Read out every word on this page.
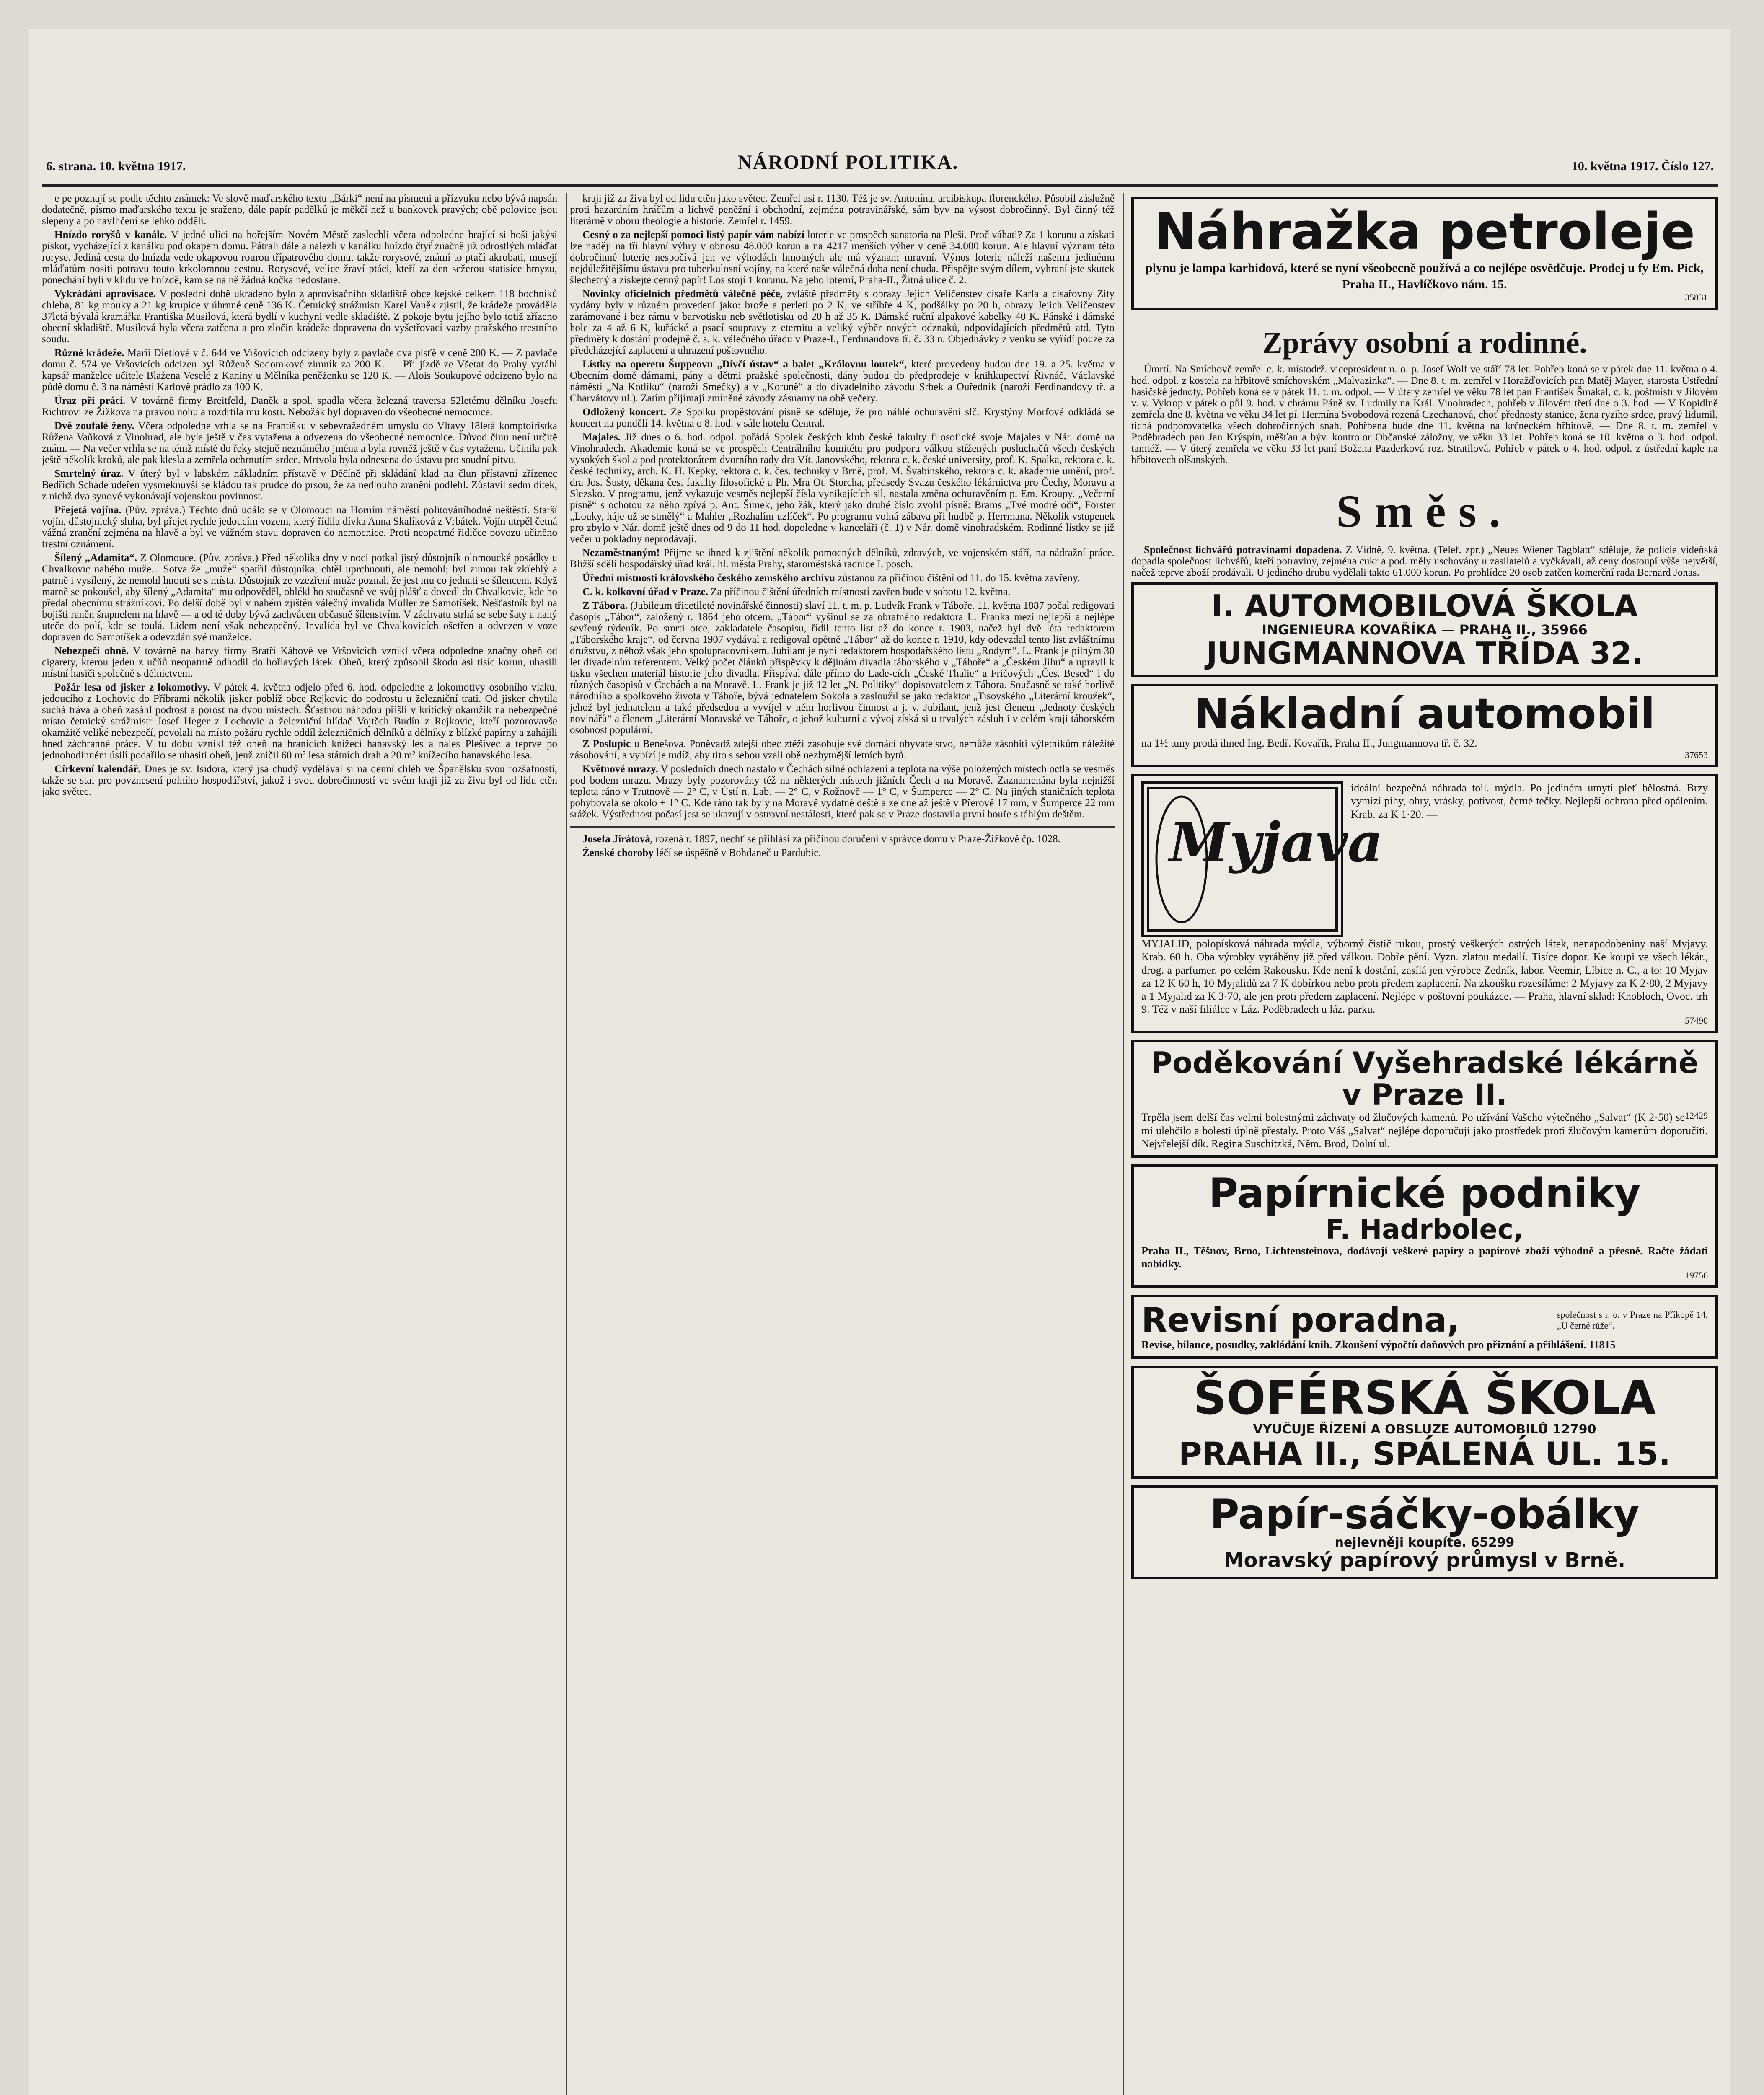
6. strana. 10. května 1917.	NÁRODNÍ POLITIKA.	10. května 1917. Číslo 127.

e pe poznají se podle těchto známek: Ve slově maďarského textu „Bárki“ není na písmeni a přízvuku nebo bývá napsán dodatečně, písmo maďarského textu je sraženo, dále papír padělků je měkčí než u bankovek pravých; obě polovice jsou slepeny a po navlhčení se lehko oddělí.

Hnízdo roryšů v kanále. V jedné ulici na hořejším Novém Městě zaslechli včera odpoledne hrající si hoši jakýsi pískot, vycházející z kanálku pod okapem domu. Pátrali dále a nalezli v kanálku hnízdo čtyř značně již odrostlých mláďat roryse. Jediná cesta do hnízda vede okapovou rourou třípatrového domu, takže rorysové, známí to ptačí akrobati, musejí mláďatům nositi potravu touto krkolomnou cestou. Rorysové, velice žraví ptáci, kteří za den sežerou statisíce hmyzu, ponechání byli v klidu ve hnízdě, kam se na ně žádná kočka nedostane.

Vykrádání aprovisace. V poslední době ukradeno bylo z aprovisačního skladiště obce kejské celkem 118 bochníků chleba, 81 kg mouky a 21 kg krupice v úhrnné ceně 136 K. Četnický strážmistr Karel Vaněk zjistil, že krádeže prováděla 37letá bývalá kramářka Františka Musilová, která bydlí v kuchyni vedle skladiště. Z pokoje bytu jejího bylo totiž zřízeno obecní skladiště. Musilová byla včera zatčena a pro zločin krádeže dopravena do vyšetřovací vazby pražského trestního soudu.

Různé krádeže. Marii Dietlové v č. 644 ve Vršovicích odcizeny byly z pavlače dva plsťě v ceně 200 K. — Z pavlače domu č. 574 ve Vršovicích odcizen byl Růženě Sodomkové zimník za 200 K. — Při jízdě ze Všetat do Prahy vytáhl kapsář manželce učitele Blažena Veselé z Kaniny u Mělníka peněženku se 120 K. — Alois Soukupové odcizeno bylo na půdě domu č. 3 na náměstí Karlově prádlo za 100 K.

Úraz při práci. V továrně firmy Breitfeld, Daněk a spol. spadla včera železná traversa 52letému dělníku Josefu Richtrovi ze Žižkova na pravou nohu a rozdrtila mu kosti. Nebožák byl dopraven do všeobecné nemocnice.

Dvě zoufalé ženy. Včera odpoledne vrhla se na Františku v sebevražedném úmyslu do Vltavy 18letá komptoiristka Růžena Vaňková z Vinohrad, ale byla ještě v čas vytažena a odvezena do všeobecné nemocnice. Důvod činu není určitě znám. — Na večer vrhla se na témž místě do řeky stejně neznámého jména a byla rovněž ještě v čas vytažena. Učinila pak ještě několik kroků, ale pak klesla a zemřela ochrnutím srdce. Mrtvola byla odnesena do ústavu pro soudní pitvu.

Smrtelný úraz. V úterý byl v labském nákladním přístavě v Děčíně při skládání klad na člun přístavní zřízenec Bedřich Schade udeřen vysmeknuvší se kládou tak prudce do prsou, že za nedlouho zranění podlehl. Zůstavil sedm dítek, z nichž dva synové vykonávají vojenskou povinnost.

Přejetá vojína. (Pův. zpráva.) Těchto dnů událo se v Olomouci na Horním náměstí politováníhodné neštěstí. Starší vojín, důstojnický sluha, byl přejet rychle jedoucím vozem, který řídila dívka Anna Skalíková z Vrbátek. Vojín utrpěl četná vážná zranění zejména na hlavě a byl ve vážném stavu dopraven do nemocnice. Proti neopatrné řidičce povozu učiněno trestní oznámení.

Šílený „Adamita“. Z Olomouce. (Pův. zpráva.) Před několika dny v noci potkal jistý důstojník olomoucké posádky u Chvalkovic nahého muže... Sotva že „muže“ spatřil důstojníka, chtěl uprchnouti, ale nemohl; byl zimou tak zkřehlý a patrně i vysílený, že nemohl hnouti se s místa. Důstojník ze vzezření muže poznal, že jest mu co jednati se šílencem. Když marně se pokoušel, aby šílený „Adamita“ mu odpověděl, oblékl ho současně ve svůj plášť a dovedl do Chvalkovic, kde ho předal obecnímu strážníkovi. Po delší době byl v nahém zjištěn válečný invalida Müller ze Samotíšek. Nešťastník byl na bojišti raněn šrapnelem na hlavě — a od té doby bývá zachvácen občasně šílenstvím. V záchvatu strhá se sebe šaty a nahý uteče do polí, kde se toulá. Lidem není však nebezpečný. Invalida byl ve Chvalkovicích ošetřen a odvezen v voze dopraven do Samotíšek a odevzdán své manželce.

Nebezpečí ohně. V továrně na barvy firmy Bratří Kábové ve Vršovicích vznikl včera odpoledne značný oheň od cigarety, kterou jeden z učňů neopatrně odhodil do hořlavých látek. Oheň, který způsobil škodu asi tisíc korun, uhasili místní hasiči společně s dělnictvem.

Požár lesa od jisker z lokomotivy. V pátek 4. května odjelo před 6. hod. odpoledne z lokomotivy osobního vlaku, jedoucího z Lochovic do Příbrami několik jisker poblíž obce Rejkovic do podrostu u železniční trati. Od jisker chytila suchá tráva a oheň zasáhl podrost a porost na dvou místech. Šťastnou náhodou přišli v kritický okamžik na nebezpečné místo četnický strážmistr Josef Heger z Lochovic a železniční hlídač Vojtěch Budín z Rejkovic, kteří pozorovavše okamžitě veliké nebezpečí, povolali na místo požáru rychle oddíl železničních dělníků a dělníky z blízké papírny a zahájili hned záchranné práce. V tu dobu vznikl též oheň na hranicích knížecí hanavský les a nales Plešivec a teprve po jednohodinném úsilí podařilo se uhasiti oheň, jenž zničil 60 m² lesa státních drah a 20 m² knížecího hanavského lesa.

Církevní kalendář. Dnes je sv. Isidora, který jsa chudý vydělával si na denní chléb ve Španělsku svou rozšafností, takže se stal pro povznesení polního hospodářství, jakož i svou dobročinností ve svém kraji již za živa byl od lidu ctěn jako světec.

kraji již za živa byl od lidu ctěn jako světec. Zemřel asi r. 1130. Též je sv. Antonína, arcibiskupa florenckého. Působil záslužně proti hazardním hráčům a lichvě peněžní i obchodní, zejména potravinářské, sám byv na výsost dobročinný. Byl činný též literárně v oboru theologie a historie. Zemřel r. 1459.

Cesný o za nejlepší pomoci listý papír vám nabízí loterie ve prospěch sanatoria na Pleši. Proč váhati? Za 1 korunu a získati lze naději na tři hlavní výhry v obnosu 48.000 korun a na 4217 menších výher v ceně 34.000 korun. Ale hlavní význam této dobročinné loterie nespočívá jen ve výhodách hmotných ale má význam mravní. Výnos loterie náleží našemu jedinému nejdůležitějšímu ústavu pro tuberkulosní vojíny, na které naše válečná doba není chuda. Přispějte svým dílem, vyhraní jste skutek šlechetný a získejte cenný papír! Los stojí 1 korunu. Na jeho loterní, Praha-II., Žitná ulice č. 2.

Novinky oficielních předmětů válečné péče, zvláště předměty s obrazy Jejích Veličenstev císaře Karla a císařovny Zity vydány byly v různém provedení jako: brože a perleti po 2 K, ve stříbře 4 K, podšálky po 20 h, obrazy Jejich Veličenstev zarámované i bez rámu v barvotisku neb světlotisku od 20 h až 35 K. Dámské ruční alpakové kabelky 40 K. Pánské i dámské hole za 4 až 6 K, kuřácké a psací soupravy z eternitu a veliký výběr nových odznaků, odpovídajících předmětů atd. Tyto předměty k dostání prodejně č. s. k. válečného úřadu v Praze-I., Ferdinandova tř. č. 33 n. Objednávky z venku se vyřídí pouze za předcházející zaplacení a uhrazení poštovného.

Lístky na operetu Šuppeovu „Dívčí ústav“ a balet „Královnu loutek“, které provedeny budou dne 19. a 25. května v Obecním domě dámami, pány a dětmi pražské společnosti, dány budou do předprodeje v knihkupectví Řivnáč, Václavské náměstí „Na Kotlíku“ (naroží Smečky) a v „Koruně“ a do divadelního závodu Srbek a Ouředník (naroží Ferdinandovy tř. a Charvátovy ul.). Zatím přijímají zmíněné závody zásnamy na obě večery.

Odložený koncert. Ze Spolku propěstování písně se sděluje, že pro náhlé ochuravění slč. Krystýny Morfové odkládá se koncert na pondělí 14. května o 8. hod. v sále hotelu Central.

Majales. Již dnes o 6. hod. odpol. pořádá Spolek českých klub české fakulty filosofické svoje Majales v Nár. domě na Vinohradech. Akademie koná se ve prospěch Centrálního komitétu pro podporu válkou stížených posluchačů všech českých vysokých škol a pod protektorátem dvorního rady dra Vít. Janovského, rektora c. k. české university, prof. K. Spalka, rektora c. k. české techniky, arch. K. H. Kepky, rektora c. k. čes. techniky v Brně, prof. M. Švabinského, rektora c. k. akademie umění, prof. dra Jos. Šusty, děkana čes. fakulty filosofické a Ph. Mra Ot. Storcha, předsedy Svazu českého lékárnictva pro Čechy, Moravu a Slezsko. V programu, jenž vykazuje vesměs nejlepší čísla vynikajících sil, nastala změna ochuravěním p. Em. Kroupy. „Večerní písně“ s ochotou za něho zpívá p. Ant. Šimek, jeho žák, který jako druhé číslo zvolil písně: Brams „Tvé modré oči“, Förster „Louky, háje už se stmělý“ a Mahler „Rozhalím uzlíček“. Po programu volná zábava při hudbě p. Herrmana. Několik vstupenek pro zbylo v Nár. domě ještě dnes od 9 do 11 hod. dopoledne v kanceláři (č. 1) v Nár. domě vinohradském. Rodinné lístky se již večer u pokladny neprodávají.

Nezaměstnaným! Přijme se ihned k zjištění několik pomocných dělníků, zdravých, ve vojenském stáří, na nádražní práce. Bližší sdělí hospodářský úřad král. hl. města Prahy, staroměstská radnice I. posch.

Úřední místnosti královského českého zemského archivu zůstanou za příčinou čištění od 11. do 15. května zavřeny.

C. k. kolkovní úřad v Praze. Za příčinou čištění úředních místností zavřen bude v sobotu 12. května.

Z Tábora. (Jubileum třicetileté novinářské činnosti) slaví 11. t. m. p. Ludvík Frank v Táboře. 11. května 1887 počal redigovati časopis „Tábor“, založený r. 1864 jeho otcem. „Tábor“ vyšinul se za obratného redaktora L. Franka mezi nejlepší a nejlépe sevřený týdeník. Po smrti otce, zakladatele časopisu, řídil tento list až do konce r. 1903, načež byl dvě léta redaktorem „Táborského kraje“, od června 1907 vydával a redigoval opětně „Tábor“ až do konce r. 1910, kdy odevzdal tento list zvláštnímu družstvu, z něhož však jeho spolupracovníkem. Jubilant je nyní redaktorem hospodářského listu „Rodym“. L. Frank je pilným 30 let divadelním referentem. Velký počet článků přispěvky k dějinám divadla táborského v „Táboře“ a „Českém Jihu“ a upravil k tisku všechen materiál historie jeho divadla. Přispíval dále přímo do Lade-cích „České Thalie“ a Fričových „Čes. Besed“ i do různých časopisů v Čechách a na Moravě. L. Frank je již 12 let „N. Politiky“ dopisovatelem z Tábora. Současně se také horlivě národního a spolkového života v Táboře, bývá jednatelem Sokola a zasloužil se jako redaktor „Tisovského „Literární kroužek“, jehož byl jednatelem a také předsedou a vyvíjel v něm horlivou činnost a j. v. Jubilant, jenž jest členem „Jednoty českých novinářů“ a členem „Literární Moravské ve Táboře, o jehož kulturní a vývoj získá si u trvalých zásluh i v celém kraji táborském osobnost populární.

Z Poslupic u Benešova. Poněvadž zdejší obec ztěží zásobuje své domácí obyvatelstvo, nemůže zásobiti výletníkům náležité zásobování, a vybízí je tudíž, aby tito s sebou vzali obě nezbytnější letních bytů.

Květnové mrazy. V posledních dnech nastalo v Čechách silné ochlazení a teplota na výše položených místech octla se vesměs pod bodem mrazu. Mrazy byly pozorovány též na některých místech jižních Čech a na Moravě. Zaznamenána byla nejnižší teplota ráno v Trutnově — 2° C, v Ústí n. Lab. — 2° C, v Rožnově — 1° C, v Šumperce — 2° C. Na jiných staničních teplota pohybovala se okolo + 1° C. Kde ráno tak byly na Moravě vydatné deště a ze dne až ještě v Přerově 17 mm, v Šumperce 22 mm srážek. Výstřednost počasí jest se ukazují v ostrovní nestálosti, které pak se v Praze dostavila první bouře s táhlým deštěm.

Josefa Jirátová, rozená r. 1897, nechť se přihlásí za příčinou doručení v správce domu v Praze-Žižkově čp. 1028.

Ženské choroby léčí se úspěšně v Bohdaneč u Pardubic.

Náhražka petroleje
plynu je lampa karbidová, které se nyní všeobecně používá a co nejlépe osvědčuje. Prodej u fy Em. Pick, Praha II., Havlíčkovo nám. 15.
35831
Zprávy osobní a rodinné.

Úmrtí. Na Smíchově zemřel c. k. místodrž. vicepresident n. o. p. Josef Wolf ve stáří 78 let. Pohřeb koná se v pátek dne 11. května o 4. hod. odpol. z kostela na hřbitově smíchovském „Malvazinka“. — Dne 8. t. m. zemřel v Horažďovicích pan Matěj Mayer, starosta Ústřední hasičské jednoty. Pohřeb koná se v pátek 11. t. m. odpol. — V úterý zemřel ve věku 78 let pan František Šmakal, c. k. poštmistr v Jílovém v. v. Vykrop v pátek o půl 9. hod. v chrámu Páně sv. Ludmily na Král. Vinohradech, pohřeb v Jílovém třetí dne o 3. hod. — V Kopidlně zemřela dne 8. května ve věku 34 let pí. Hermína Svobodová rozená Czechanová, choť přednosty stanice, žena ryzího srdce, pravý lidumil, tichá podporovatelka všech dobročinných snah. Pohřbena bude dne 11. května na krčneckém hřbitově. — Dne 8. t. m. zemřel v Poděbradech pan Jan Krýspín, měšťan a býv. kontrolor Občanské záložny, ve věku 33 let. Pohřeb koná se 10. května o 3. hod. odpol. tamtéž. — V úterý zemřela ve věku 33 let paní Božena Pazderková roz. Stratilová. Pohřeb v pátek o 4. hod. odpol. z ústřední kaple na hřbitovech olšanských.

Směs.

Společnost lichvářů potravinami dopadena. Z Vídně, 9. května. (Telef. zpr.) „Neues Wiener Tagblatt“ sděluje, že policie vídeňská dopadla společnost lichvářů, kteří potraviny, zejména cukr a pod. měly uschovány u zasilatelů a vyčkávali, až ceny dostoupí výše největší, načež teprve zboží prodávali. U jediného drubu vydělali takto 61.000 korun. Po prohlídce 20 osob zatčen komerční rada Bernard Jonas.

I. AUTOMOBILOVÁ ŠKOLA
INGENIEURA KOVAŘÍKA — PRAHA II., 35966
JUNGMANNOVA TŘÍDA 32.
Nákladní automobil
na 1½ tuny prodá ihned Ing. Bedř. Kovařík, Praha II., Jungmannova tř. č. 32.
37653
Myjava
ideální bezpečná náhrada toil. mýdla. Po jediném umytí pleť bělostná. Brzy vymizí pihy, ohry, vrásky, potivost, černé tečky. Nejlepší ochrana před opálením. Krab. za K 1·20. —
MYJALID, polopísková náhrada mýdla, výborný čistič rukou, prostý veškerých ostrých látek, nenapodobeniny naší Myjavy. Krab. 60 h. Oba výrobky vyráběny již před válkou. Dobře pění. Vyzn. zlatou medailí. Tisíce dopor. Ke koupi ve všech lékár., drog. a parfumer. po celém Rakousku. Kde není k dostání, zasílá jen výrobce Zedník, labor. Veemir, Líbice n. C., a to: 10 Myjav za 12 K 60 h, 10 Myjalidů za 7 K dobírkou nebo proti předem zaplacení. Na zkoušku rozesíláme: 2 Myjavy za K 2·80, 2 Myjavy a 1 Myjalid za K 3·70, ale jen proti předem zaplacení. Nejlépe v poštovní poukázce. — Praha, hlavní sklad: Knobloch, Ovoc. trh 9. Též v naší filiálce v Láz. Poděbradech u láz. parku.
57490
Poděkování Vyšehradské lékárně v Praze II.
12429
Trpěla jsem delší čas velmi bolestnými záchvaty od žlučových kamenů. Po užívání Vašeho výtečného „Salvat“ (K 2·50) se mi ulehčilo a bolesti úplně přestaly. Proto Váš „Salvat“ nejlépe doporučuji jako prostředek proti žlučovým kamenům doporučiti. Nejvřelejší dík. Regina Suschitzká, Něm. Brod, Dolní ul.
Papírnické podniky
F. Hadrbolec,
Praha II., Těšnov, Brno, Lichtensteinova, dodávají veškeré papíry a papírové zboží výhodně a přesně. Račte žádati nabídky.
19756
Revisní poradna,	společnost s r. o. v Praze na Příkopě 14, „U černé růže“.
Revise, bilance, posudky, zakládání knih. Zkoušení výpočtů daňových pro přiznání a přihlášení. 11815
ŠOFÉRSKÁ ŠKOLA
VYUČUJE ŘÍZENÍ A OBSLUZE AUTOMOBILŮ 12790
PRAHA II., SPÁLENÁ UL. 15.
Papír-sáčky-obálky
nejlevněji koupíte. 65299
Moravský papírový průmysl v Brně.
